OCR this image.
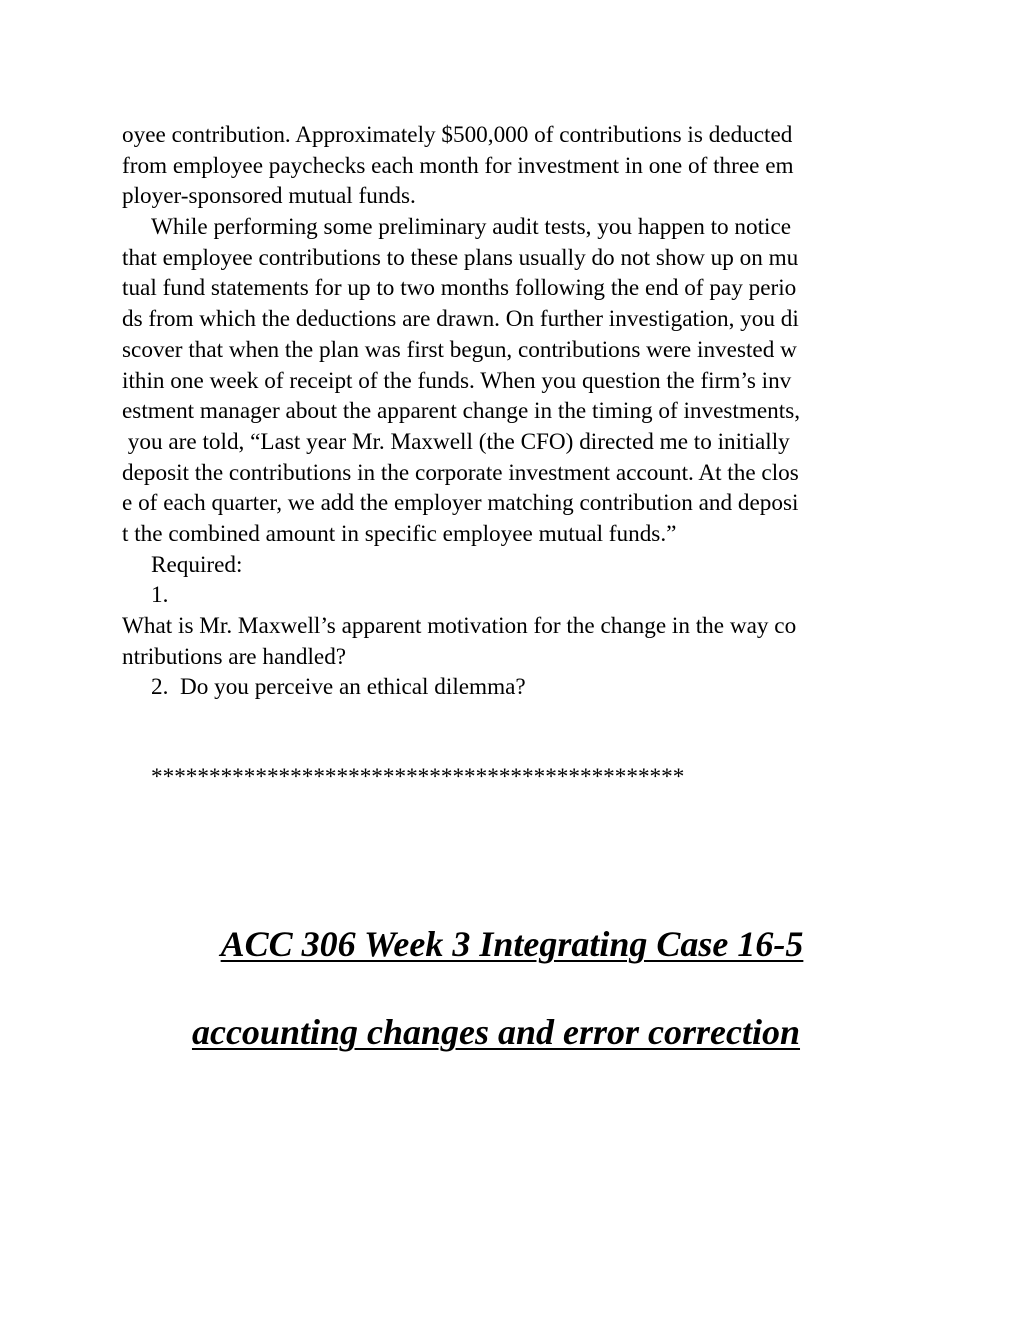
oyee contribution. Approximately $500,000 of contributions is deducted
from employee paychecks each month for investment in one of three em
ployer-sponsored mutual funds.
While performing some preliminary audit tests, you happen to notice
that employee contributions to these plans usually do not show up on mu
tual fund statements for up to two months following the end of pay perio
ds from which the deductions are drawn. On further investigation, you di
scover that when the plan was first begun, contributions were invested w
ithin one week of receipt of the funds. When you question the firm’s inv
estment manager about the apparent change in the timing of investments,
you are told, “Last year Mr. Maxwell (the CFO) directed me to initially
deposit the contributions in the corporate investment account. At the clos
e of each quarter, we add the employer matching contribution and deposi
t the combined amount in specific employee mutual funds.”
Required:
1.
What is Mr. Maxwell’s apparent motivation for the change in the way co
ntributions are handled?
2.  Do you perceive an ethical dilemma?
**********************************************
ACC 306 Week 3 Integrating Case 16-5
accounting changes and error correction
